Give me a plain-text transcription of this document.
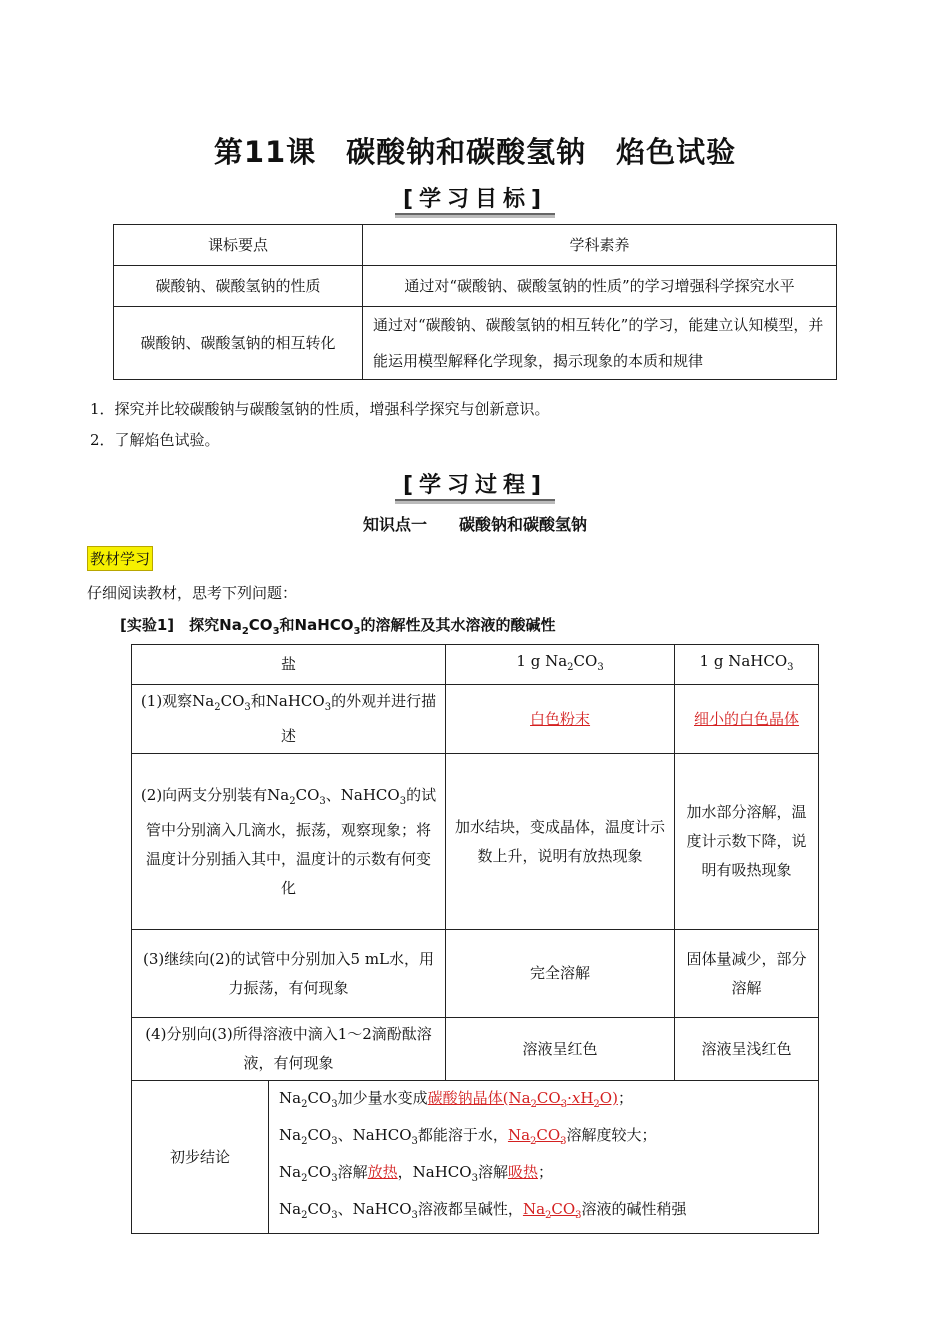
第11课　碳酸钠和碳酸氢钠　焰色试验
[学习目标]
课标要点	学科素养
碳酸钠、碳酸氢钠的性质	通过对“碳酸钠、碳酸氢钠的性质”的学习增强科学探究水平
碳酸钠、碳酸氢钠的相互转化	通过对“碳酸钠、碳酸氢钠的相互转化”的学习，能建立认知模型，并能运用模型解释化学现象，揭示现象的本质和规律
1．探究并比较碳酸钠与碳酸氢钠的性质，增强科学探究与创新意识。
2．了解焰色试验。
[学习过程]
知识点一　　碳酸钠和碳酸氢钠
教材学习
仔细阅读教材，思考下列问题：
[实验1]　探究$Na_2CO_3$和NaHCO$_3$的溶解性及其水溶液的酸碱性
盐		1 g $Na_2CO_3$	1 g NaHCO$_3$
(1)观察$Na_2CO_3$和NaHCO$_3$的外观并进行描述		白色粉末	细小的白色晶体
(2)向两支分别装有$Na_2CO_3$、NaHCO$_3$的试管中分别滴入几滴水，振荡，观察现象；将温度计分别插入其中，温度计的示数有何变化		加水结块，变成晶体，温度计示数上升，说明有放热现象	加水部分溶解，温度计示数下降，说明有吸热现象
(3)继续向(2)的试管中分别加入5 mL水，用力振荡，有何现象		完全溶解	固体量减少，部分溶解
(4)分别向(3)所得溶液中滴入1～2滴酚酞溶液，有何现象		溶液呈红色	溶液呈浅红色
初步结论	$Na_2CO_3$加少量水变成碳酸钠晶体$(Na_2CO_3\cdot xH_2O)$；
$Na_2CO_3$、NaHCO$_3$都能溶于水，$Na_2CO_3$溶解度较大；
$Na_2CO_3$溶解放热，NaHCO$_3$溶解吸热；
$Na_2CO_3$、NaHCO$_3$溶液都呈碱性，$Na_2CO_3$溶液的碱性稍强		
